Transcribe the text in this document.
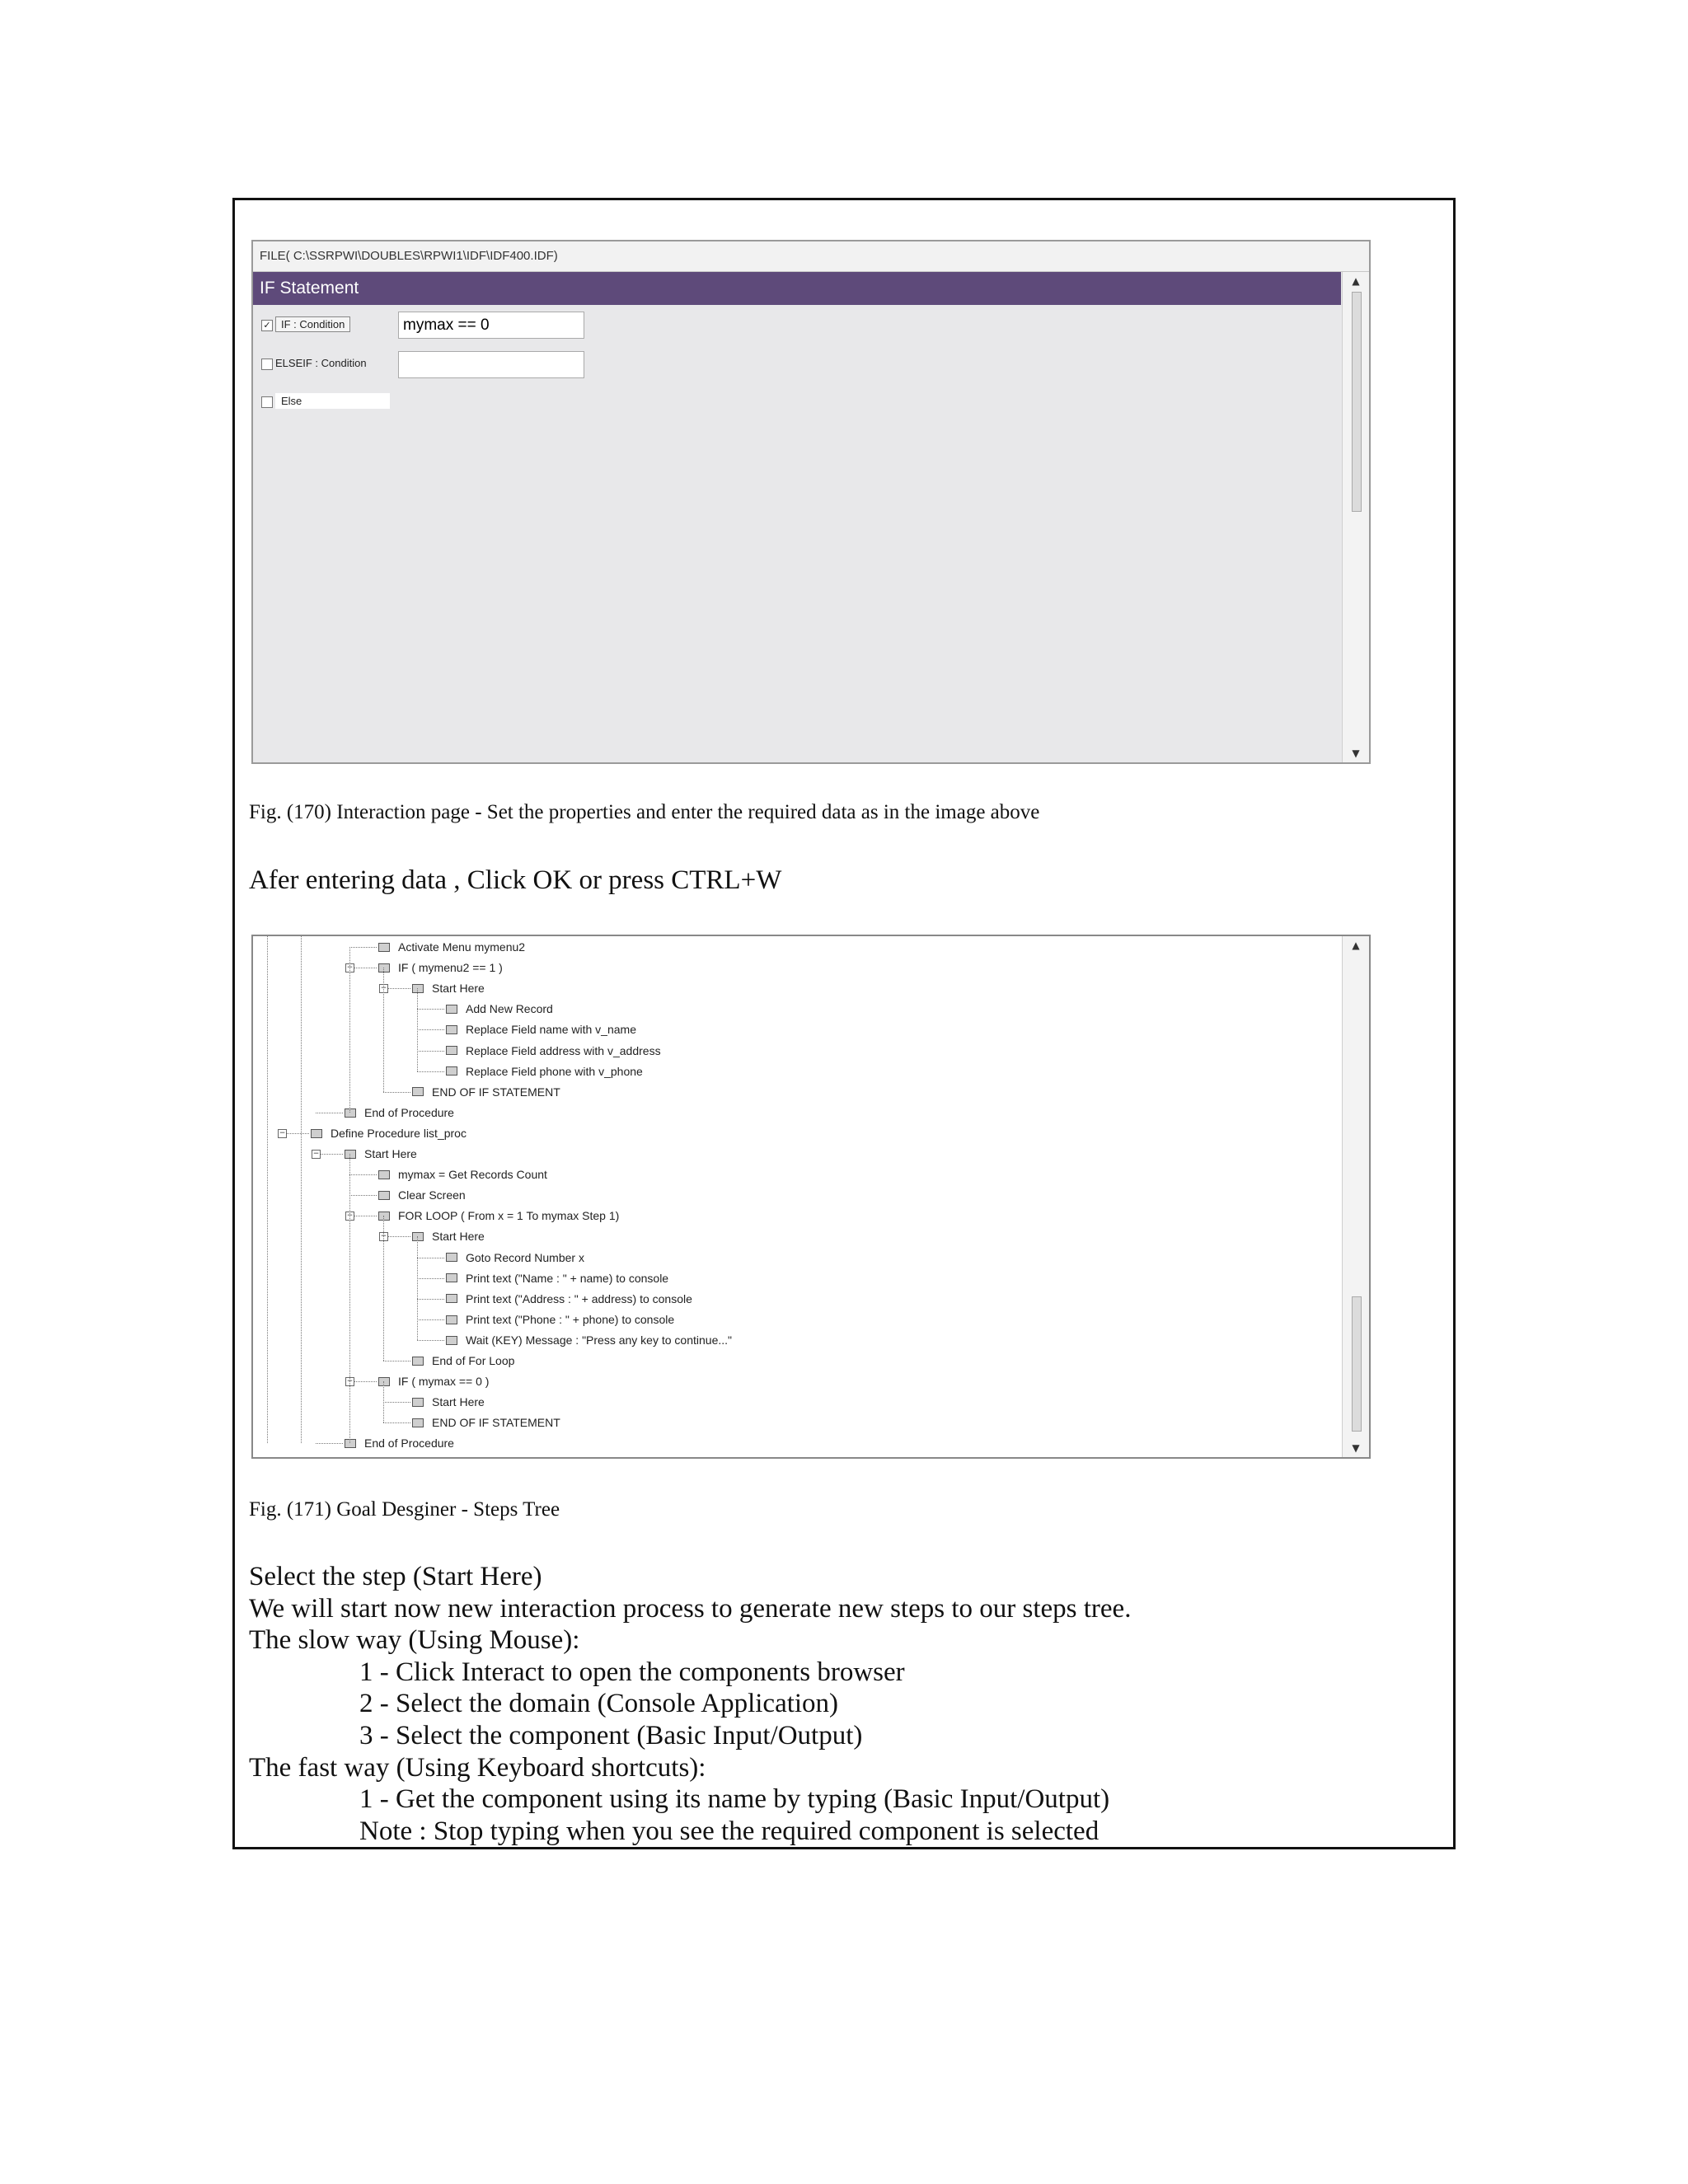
FILE( C:\SSRPWI\DOUBLES\RPWI1\IDF\IDF400.IDF)
IF Statement
✓ IF : Condition	mymax == 0
ELSEIF : Condition
Else
▲
▼
Fig. (170) Interaction page - Set the properties and enter the required data as in the image above
Afer entering data , Click OK or press CTRL+W
Activate Menu mymenu2
−	IF ( mymenu2 == 1 )
−	Start Here
Add New Record
Replace Field name with v_name
Replace Field address with v_address
Replace Field phone with v_phone
END OF IF STATEMENT
End of Procedure
−	Define Procedure list_proc
−	Start Here
mymax = Get Records Count
Clear Screen
−	FOR LOOP ( From x = 1 To mymax Step 1)
−	Start Here
Goto Record Number x
Print text ("Name : " + name) to console
Print text ("Address : " + address) to console
Print text ("Phone : " + phone) to console
Wait (KEY) Message : "Press any key to continue..."
End of For Loop
−	IF ( mymax == 0 )
Start Here
END OF IF STATEMENT
End of Procedure
▲
▼
Fig. (171) Goal Desginer - Steps Tree
Select the step (Start Here)
We will start now new interaction process to generate new steps to our steps tree.
The slow way (Using Mouse):
1 - Click Interact to open the components browser
2 - Select the domain (Console Application)
3 - Select the component (Basic Input/Output)
The fast way (Using Keyboard shortcuts):
1 - Get the component using its name by typing (Basic Input/Output)
Note : Stop typing when you see the required component is selected
